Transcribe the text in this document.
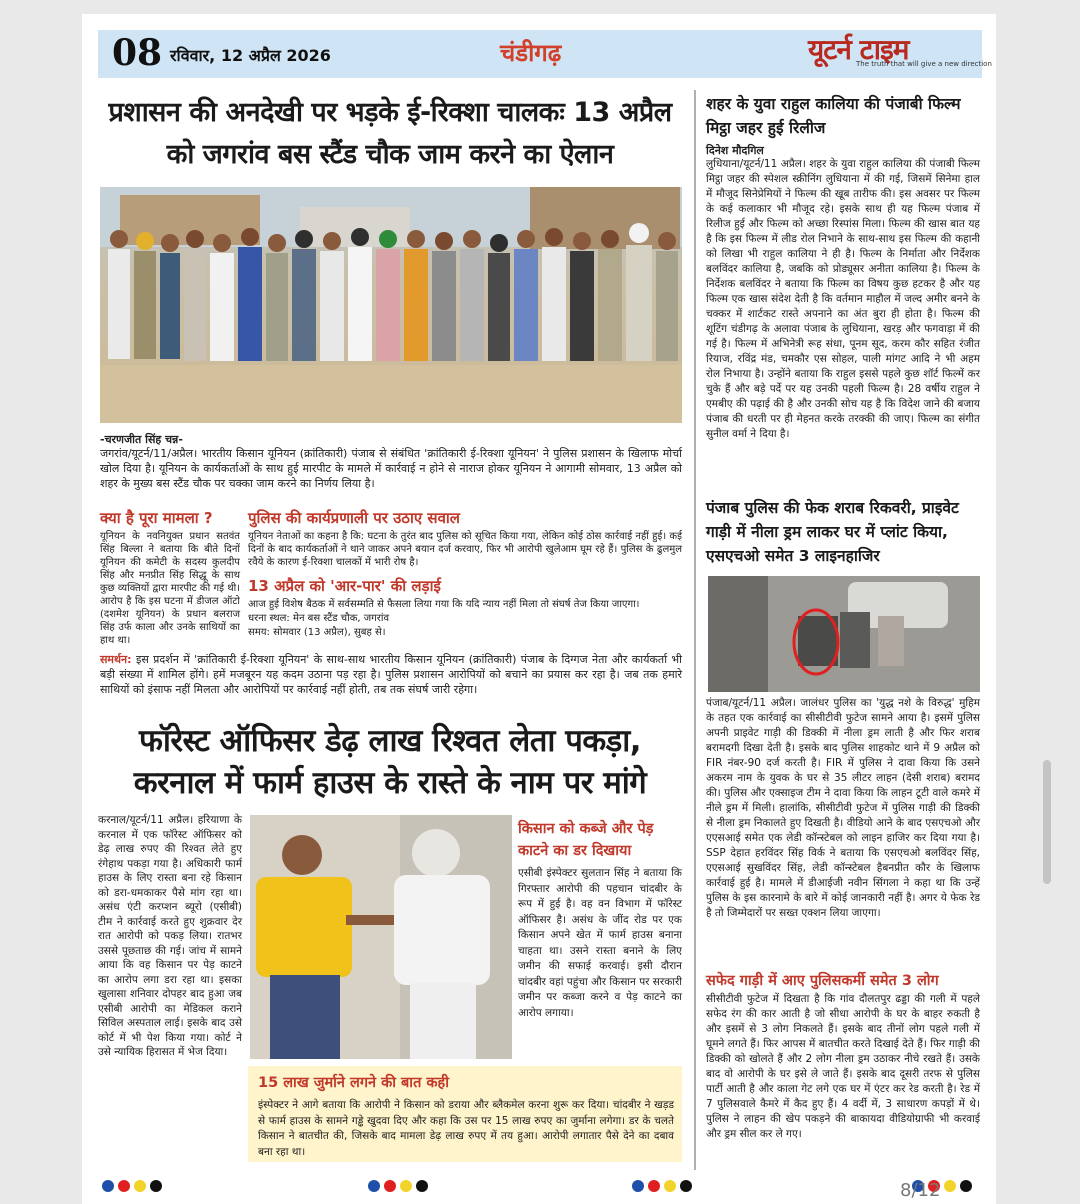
08 रविवार, 12 अप्रैल 2026	चंडीगढ़	यूटर्न टाइम
The truth that will give a new direction
प्रशासन की अनदेखी पर भड़के ई-रिक्शा चालकः 13 अप्रैल को जगरांव बस स्टैंड चौक जाम करने का ऐलान
-चरणजीत सिंह चन्न-
जगरांव/यूटर्न/11/अप्रैल। भारतीय किसान यूनियन (क्रांतिकारी) पंजाब से संबंधित 'क्रांतिकारी ई-रिक्शा यूनियन' ने पुलिस प्रशासन के खिलाफ मोर्चा खोल दिया है। यूनियन के कार्यकर्ताओं के साथ हुई मारपीट के मामले में कार्रवाई न होने से नाराज होकर यूनियन ने आगामी सोमवार, 13 अप्रैल को शहर के मुख्य बस स्टैंड चौक पर चक्का जाम करने का निर्णय लिया है।
क्या है पूरा मामला ?
यूनियन के नवनियुक्त प्रधान सतवंत सिंह बिल्ला ने बताया कि बीते दिनों यूनियन की कमेटी के सदस्य कुलदीप सिंह और मनप्रीत सिंह सिद्धू के साथ कुछ व्यक्तियों द्वारा मारपीट की गई थी। आरोप है कि इस घटना में डीजल ऑटो (दशमेश यूनियन) के प्रधान बलराज सिंह उर्फ काला और उनके साथियों का हाथ था।
पुलिस की कार्यप्रणाली पर उठाए सवाल
यूनियन नेताओं का कहना है कि: घटना के तुरंत बाद पुलिस को सूचित किया गया, लेकिन कोई ठोस कार्रवाई नहीं हुई। कई दिनों के बाद कार्यकर्ताओं ने थाने जाकर अपने बयान दर्ज करवाए, फिर भी आरोपी खुलेआम घूम रहे हैं। पुलिस के ढुलमुल रवैये के कारण ई-रिक्शा चालकों में भारी रोष है।
13 अप्रैल को 'आर-पार' की लड़ाई
आज हुई विशेष बैठक में सर्वसम्मति से फैसला लिया गया कि यदि न्याय नहीं मिला तो संघर्ष तेज किया जाएगा।
धरना स्थल: मेन बस स्टैंड चौक, जगरांव
समय: सोमवार (13 अप्रैल), सुबह से।
समर्थन: इस प्रदर्शन में 'क्रांतिकारी ई-रिक्शा यूनियन' के साथ-साथ भारतीय किसान यूनियन (क्रांतिकारी) पंजाब के दिग्गज नेता और कार्यकर्ता भी बड़ी संख्या में शामिल होंगे। हमें मजबूरन यह कदम उठाना पड़ रहा है। पुलिस प्रशासन आरोपियों को बचाने का प्रयास कर रहा है। जब तक हमारे साथियों को इंसाफ नहीं मिलता और आरोपियों पर कार्रवाई नहीं होती, तब तक संघर्ष जारी रहेगा।
फॉरेस्ट ऑफिसर डेढ़ लाख रिश्वत लेता पकड़ा, करनाल में फार्म हाउस के रास्ते के नाम पर मांगे
करनाल/यूटर्न/11 अप्रैल। हरियाणा के करनाल में एक फॉरेस्ट ऑफिसर को डेढ़ लाख रुपए की रिश्वत लेते हुए रंगेहाथ पकड़ा गया है। अधिकारी फार्म हाउस के लिए रास्ता बना रहे किसान को डरा-धमकाकर पैसे मांग रहा था। असंध एंटी करप्शन ब्यूरो (एसीबी) टीम ने कार्रवाई करते हुए शुक्रवार देर रात आरोपी को पकड़ लिया। रातभर उससे पूछताछ की गई। जांच में सामने आया कि वह किसान पर पेड़ काटने का आरोप लगा डरा रहा था। इसका खुलासा शनिवार दोपहर बाद हुआ जब एसीबी आरोपी का मेडिकल कराने सिविल अस्पताल लाई। इसके बाद उसे कोर्ट में भी पेश किया गया। कोर्ट ने उसे न्यायिक हिरासत में भेज दिया।
किसान को कब्जे और पेड़ काटने का डर दिखाया
एसीबी इंस्पेक्टर सुलतान सिंह ने बताया कि गिरफ्तार आरोपी की पहचान चांदबीर के रूप में हुई है। वह वन विभाग में फॉरेस्ट ऑफिसर है। असंध के जींद रोड पर एक किसान अपने खेत में फार्म हाउस बनाना चाहता था। उसने रास्ता बनाने के लिए जमीन की सफाई करवाई। इसी दौरान चांदबीर वहां पहुंचा और किसान पर सरकारी जमीन पर कब्जा करने व पेड़ काटने का आरोप लगाया।
15 लाख जुर्माने लगने की बात कही
इंस्पेक्टर ने आगे बताया कि आरोपी ने किसान को डराया और ब्लैकमेल करना शुरू कर दिया। चांदबीर ने खड़ड से फार्म हाउस के सामने गड्ढे खुदवा दिए और कहा कि उस पर 15 लाख रुपए का जुर्माना लगेगा। डर के चलते किसान ने बातचीत की, जिसके बाद मामला डेढ़ लाख रुपए में तय हुआ। आरोपी लगातार पैसे देने का दबाव बना रहा था।
शहर के युवा राहुल कालिया की पंजाबी फिल्म मिट्ठा जहर हुई रिलीज
दिनेश मौदगिल
लुधियाना/यूटर्न/11 अप्रैल। शहर के युवा राहुल कालिया की पंजाबी फिल्म मिट्ठा जहर की स्पेशल स्क्रीनिंग लुधियाना में की गई, जिसमें सिनेमा हाल में मौजूद सिनेप्रेमियों ने फिल्म की खूब तारीफ की। इस अवसर पर फिल्म के कई कलाकार भी मौजूद रहे। इसके साथ ही यह फिल्म पंजाब में रिलीज हुई और फिल्म को अच्छा रिस्पांस मिला। फिल्म की खास बात यह है कि इस फिल्म में लीड रोल निभाने के साथ-साथ इस फिल्म की कहानी को लिखा भी राहुल कालिया ने ही है। फिल्म के निर्माता और निर्देशक बलविंदर कालिया है, जबकि को प्रोड्यूसर अनीता कालिया है। फिल्म के निर्देशक बलविंदर ने बताया कि फिल्म का विषय कुछ हटकर है और यह फिल्म एक खास संदेश देती है कि वर्तमान माहौल में जल्द अमीर बनने के चक्कर में शार्टकट रास्ते अपनाने का अंत बुरा ही होता है। फिल्म की शूटिंग चंडीगढ़ के अलावा पंजाब के लुधियाना, खरड़ और फगवाड़ा में की गई है। फिल्म में अभिनेत्री रूह संधा, पूनम सूद, करम कौर सहित रंजीत रियाज, रविंद्र मंड, चमकौर एस सोहल, पाली मांगट आदि ने भी अहम रोल निभाया है। उन्होंने बताया कि राहुल इससे पहले कुछ शॉर्ट फिल्में कर चुके हैं और बड़े पर्दे पर यह उनकी पहली फिल्म है। 28 वर्षीय राहुल ने एमबीए की पढ़ाई की है और उनकी सोच यह है कि विदेश जाने की बजाय पंजाब की धरती पर ही मेहनत करके तरक्की की जाए। फिल्म का संगीत सुनील वर्मा ने दिया है।
पंजाब पुलिस की फेक शराब रिकवरी, प्राइवेट गाड़ी में नीला ड्रम लाकर घर में प्लांट किया, एसएचओ समेत 3 लाइनहाजिर
पंजाब/यूटर्न/11 अप्रैल। जालंधर पुलिस का 'युद्ध नशे के विरुद्ध' मुहिम के तहत एक कार्रवाई का सीसीटीवी फुटेज सामने आया है। इसमें पुलिस अपनी प्राइवेट गाड़ी की डिक्की में नीला ड्रम लाती है और फिर शराब बरामदगी दिखा देती है। इसके बाद पुलिस शाहकोट थाने में 9 अप्रैल को FIR नंबर-90 दर्ज करती है। FIR में पुलिस ने दावा किया कि उसने अकरम नाम के युवक के घर से 35 लीटर लाहन (देसी शराब) बरामद की। पुलिस और एक्साइज टीम ने दावा किया कि लाहन टूटी वाले कमरे में नीले ड्रम में मिली। हालांकि, सीसीटीवी फुटेज में पुलिस गाड़ी की डिक्की से नीला ड्रम निकालते हुए दिखती है। वीडियो आने के बाद एसएचओ और एएसआई समेत एक लेडी कॉन्स्टेबल को लाइन हाजिर कर दिया गया है। SSP देहात हरविंदर सिंह विर्क ने बताया कि एसएचओ बलविंदर सिंह, एएसआई सुखविंदर सिंह, लेडी कॉन्स्टेबल हैबनप्रीत कौर के खिलाफ कार्रवाई हुई है। मामले में डीआईजी नवीन सिंगला ने कहा था कि उन्हें पुलिस के इस कारनामे के बारे में कोई जानकारी नहीं है। अगर ये फेक रेड है तो जिम्मेदारों पर सख्त एक्शन लिया जाएगा।
सफेद गाड़ी में आए पुलिसकर्मी समेत 3 लोग
सीसीटीवी फुटेज में दिखता है कि गांव दौलतपुर ढड्डा की गली में पहले सफेद रंग की कार आती है जो सीधा आरोपी के घर के बाहर रुकती है और इसमें से 3 लोग निकलते हैं। इसके बाद तीनों लोग पहले गली में घूमने लगते हैं। फिर आपस में बातचीत करते दिखाई देते हैं। फिर गाड़ी की डिक्की को खोलते हैं और 2 लोग नीला ड्रम उठाकर नीचे रखते हैं। उसके बाद वो आरोपी के घर इसे ले जाते हैं। इसके बाद दूसरी तरफ से पुलिस पार्टी आती है और काला गेट लगे एक घर में एंटर कर रेड करती है। रेड में 7 पुलिसवाले कैमरे में कैद हुए हैं। 4 वर्दी में, 3 साधारण कपड़ों में थे। पुलिस ने लाहन की खेप पकड़ने की बाकायदा वीडियोग्राफी भी करवाई और ड्रम सील कर ले गए।
8/12
